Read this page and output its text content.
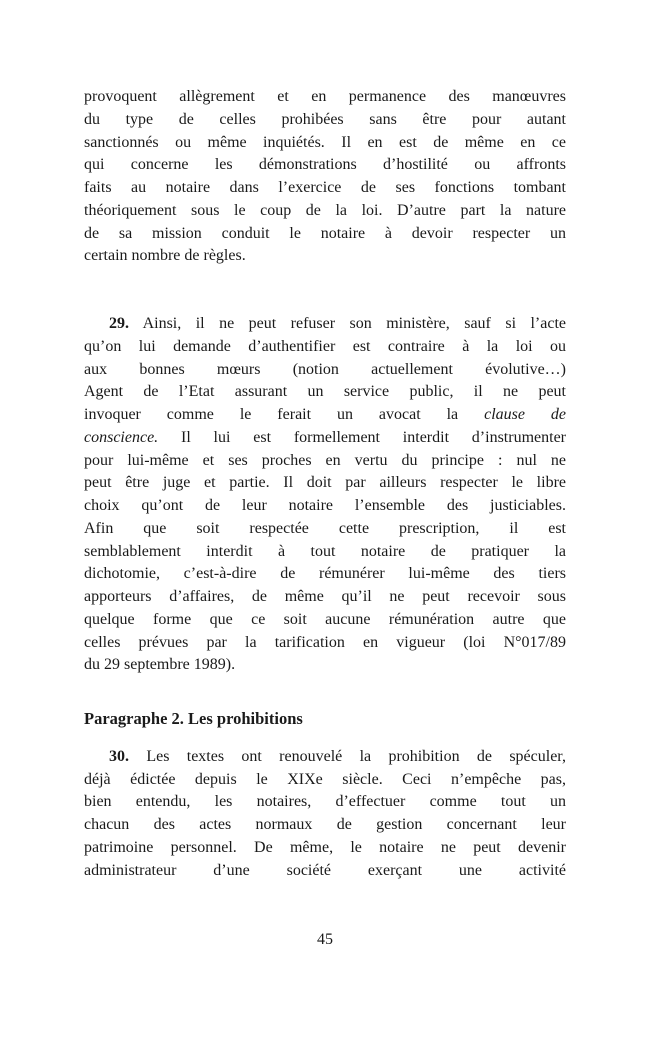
provoquent allègrement et en permanence des manœuvres
du type de celles prohibées sans être pour autant
sanctionnés ou même inquiétés. Il en est de même en ce
qui concerne les démonstrations d’hostilité ou affronts
faits au notaire dans l’exercice de ses fonctions tombant
théoriquement sous le coup de la loi. D’autre part la nature
de sa mission conduit le notaire à devoir respecter un
certain nombre de règles.
29. Ainsi, il ne peut refuser son ministère, sauf si l’acte
qu’on lui demande d’authentifier est contraire à la loi ou
aux bonnes mœurs (notion actuellement évolutive…)
Agent de l’Etat assurant un service public, il ne peut
invoquer comme le ferait un avocat la clause de
conscience. Il lui est formellement interdit d’instrumenter
pour lui-même et ses proches en vertu du principe : nul ne
peut être juge et partie. Il doit par ailleurs respecter le libre
choix qu’ont de leur notaire l’ensemble des justiciables.
Afin que soit respectée cette prescription, il est
semblablement interdit à tout notaire de pratiquer la
dichotomie, c’est-à-dire de rémunérer lui-même des tiers
apporteurs d’affaires, de même qu’il ne peut recevoir sous
quelque forme que ce soit aucune rémunération autre que
celles prévues par la tarification en vigueur (loi N°017/89
du 29 septembre 1989).
Paragraphe 2. Les prohibitions
30. Les textes ont renouvelé la prohibition de spéculer,
déjà édictée depuis le XIXe siècle. Ceci n’empêche pas,
bien entendu, les notaires, d’effectuer comme tout un
chacun des actes normaux de gestion concernant leur
patrimoine personnel. De même, le notaire ne peut devenir
administrateur d’une société exerçant une activité
45
